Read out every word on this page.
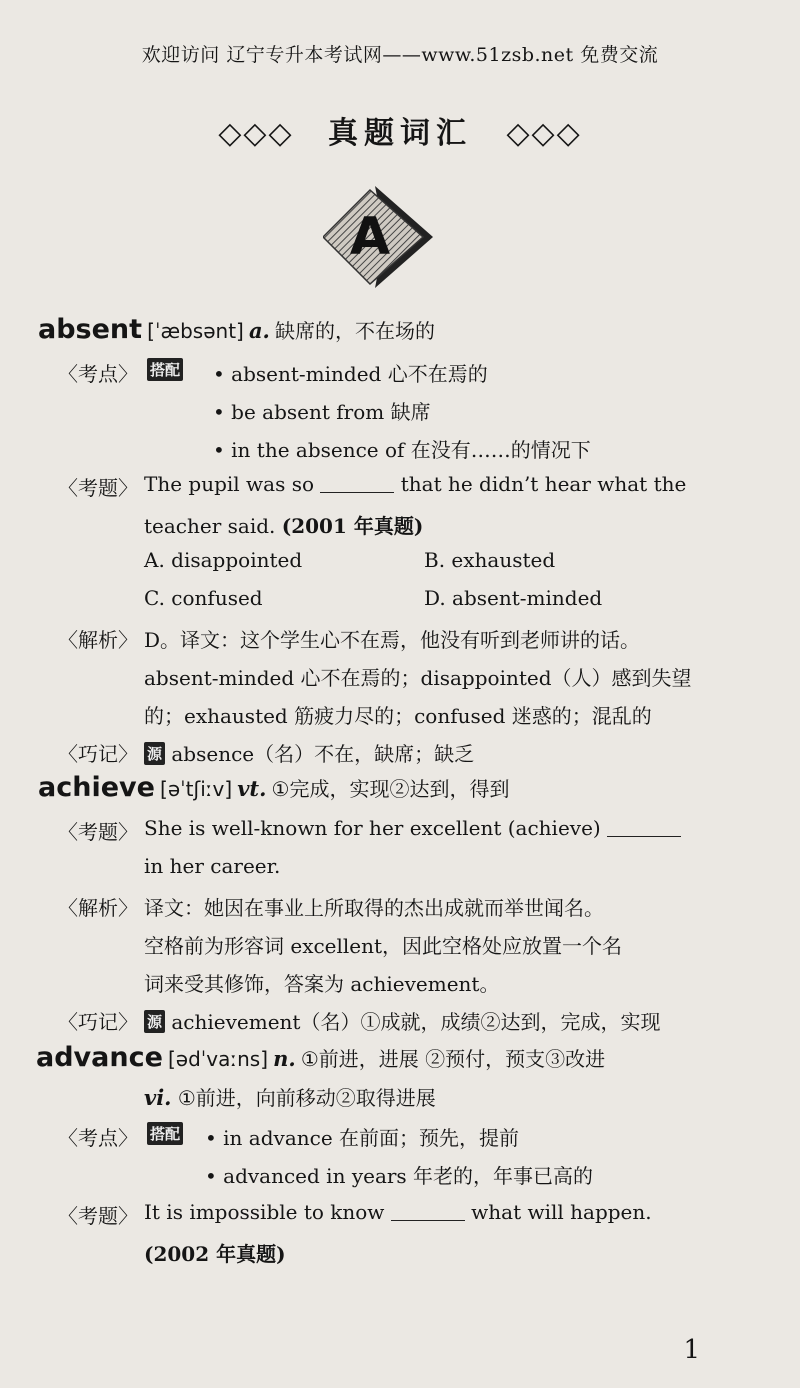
欢迎访问 辽宁专升本考试网——www.51zsb.net 免费交流
◇◇◇ 真题词汇 ◇◇◇
A
absent [ˈæbsənt] a. 缺席的，不在场的
〈考点〉 搭配 • absent-minded 心不在焉的
• be absent from 缺席
• in the absence of 在没有……的情况下
〈考题〉 The pupil was so	that he didn’t hear what the
teacher said. (2001 年真题)
A. disappointed	B. exhausted
C. confused	D. absent-minded
〈解析〉 D。译文：这个学生心不在焉，他没有听到老师讲的话。
absent-minded 心不在焉的；disappointed（人）感到失望
的；exhausted 筋疲力尽的；confused 迷惑的；混乱的
〈巧记〉 源 absence（名）不在，缺席；缺乏
achieve [əˈtʃiːv] vt. ①完成，实现②达到，得到
〈考题〉 She is well-known for her excellent (achieve)
in her career.
〈解析〉 译文：她因在事业上所取得的杰出成就而举世闻名。
空格前为形容词 excellent，因此空格处应放置一个名
词来受其修饰，答案为 achievement。
〈巧记〉 源 achievement（名）①成就，成绩②达到，完成，实现
advance [ədˈvaːns] n. ①前进，进展 ②预付，预支③改进
vi. ①前进，向前移动②取得进展
〈考点〉 搭配 • in advance 在前面；预先，提前
• advanced in years 年老的，年事已高的
〈考题〉 It is impossible to know	what will happen.
(2002 年真题)
1
